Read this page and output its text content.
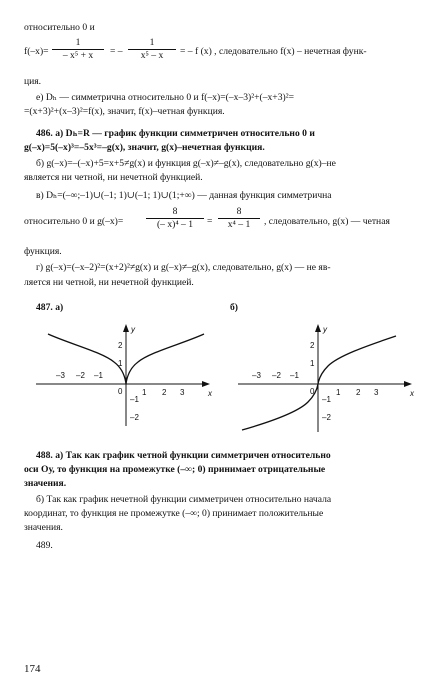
относительно 0 и
f(–x)=
1
– x⁵ + x	= –
1
x⁵ – x	= – f (x) , следовательно f(x) – нечетная функ-
ция.
е) Dₕ — симметрична относительно 0 и f(–x)=(–x–3)²+(–x+3)²=
=(x+3)²+(x–3)²=f(x), значит, f(x)–четная функция.
486. а) Dₕ=R — график функции симметричен относительно 0 и
g(–x)=5(–x)³=–5x³=–g(x), значит, g(x)–нечетная функция.
б) g(–x)=–(–x)+5=x+5≠g(x) и функция g(–x)≠–g(x), следовательно g(x)–не
является ни четной, ни нечетной функцией.
в) Dₕ=(–∞;–1)∪(–1; 1)∪(–1; 1)∪(1;+∞) — данная функция симметрична
относительно 0 и g(–x)=
8
(– x)⁴ – 1	=
8
x⁴ – 1	, следовательно, g(x) — четная
функция.
г) g(–x)=(–x–2)²=(x+2)²≠g(x) и g(–x)≠–g(x), следовательно, g(x) — не яв-
ляется ни четной, ни нечетной функцией.
487. а)	б)
–3 –2 –1
1 2 3
2
1
–1
–2
0	x
y
–3 –2 –1
1 2 3
2
1
–1
–2
0	x
y
488. а) Так как график четной функции симметричен относительно
оси Oу, то функция на промежутке (–∞; 0) принимает отрицательные
значения.
б) Так как график нечетной функции симметричен относительно начала
координат, то функция не промежутке (–∞; 0) принимает положительные
значения.
489.
174
